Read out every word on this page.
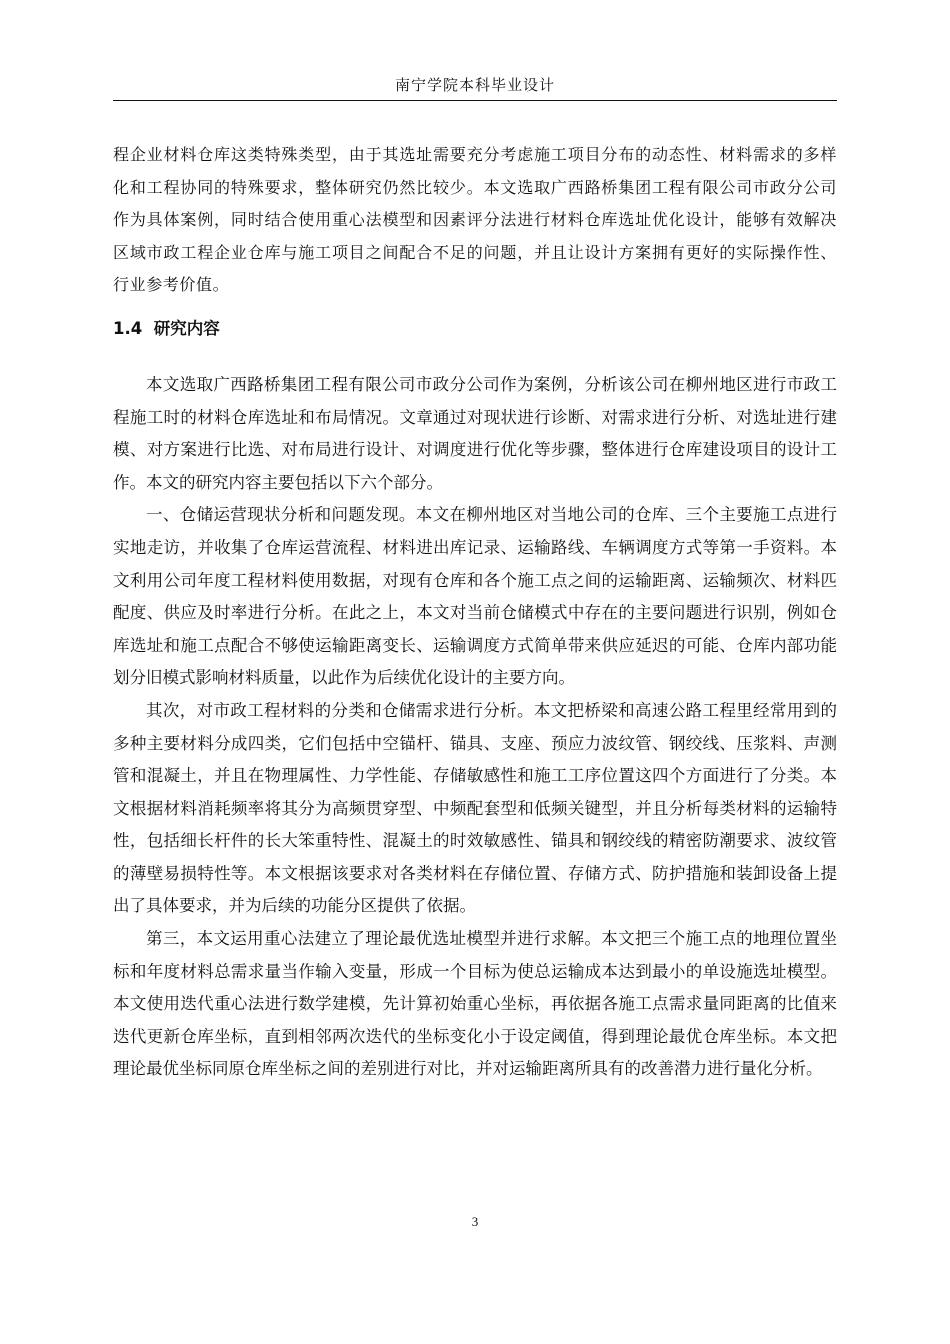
南宁学院本科毕业设计

程企业材料仓库这类特殊类型，由于其选址需要充分考虑施工项目分布的动态性、材料需求的多样化和工程协同的特殊要求，整体研究仍然比较少。本文选取广西路桥集团工程有限公司市政分公司作为具体案例，同时结合使用重心法模型和因素评分法进行材料仓库选址优化设计，能够有效解决区域市政工程企业仓库与施工项目之间配合不足的问题，并且让设计方案拥有更好的实际操作性、行业参考价值。

1.4 研究内容

本文选取广西路桥集团工程有限公司市政分公司作为案例，分析该公司在柳州地区进行市政工程施工时的材料仓库选址和布局情况。文章通过对现状进行诊断、对需求进行分析、对选址进行建模、对方案进行比选、对布局进行设计、对调度进行优化等步骤，整体进行仓库建设项目的设计工作。本文的研究内容主要包括以下六个部分。

一、仓储运营现状分析和问题发现。本文在柳州地区对当地公司的仓库、三个主要施工点进行实地走访，并收集了仓库运营流程、材料进出库记录、运输路线、车辆调度方式等第一手资料。本文利用公司年度工程材料使用数据，对现有仓库和各个施工点之间的运输距离、运输频次、材料匹配度、供应及时率进行分析。在此之上，本文对当前仓储模式中存在的主要问题进行识别，例如仓库选址和施工点配合不够使运输距离变长、运输调度方式简单带来供应延迟的可能、仓库内部功能划分旧模式影响材料质量，以此作为后续优化设计的主要方向。

其次，对市政工程材料的分类和仓储需求进行分析。本文把桥梁和高速公路工程里经常用到的多种主要材料分成四类，它们包括中空锚杆、锚具、支座、预应力波纹管、钢绞线、压浆料、声测管和混凝土，并且在物理属性、力学性能、存储敏感性和施工工序位置这四个方面进行了分类。本文根据材料消耗频率将其分为高频贯穿型、中频配套型和低频关键型，并且分析每类材料的运输特性，包括细长杆件的长大笨重特性、混凝土的时效敏感性、锚具和钢绞线的精密防潮要求、波纹管的薄壁易损特性等。本文根据该要求对各类材料在存储位置、存储方式、防护措施和装卸设备上提出了具体要求，并为后续的功能分区提供了依据。

第三，本文运用重心法建立了理论最优选址模型并进行求解。本文把三个施工点的地理位置坐标和年度材料总需求量当作输入变量，形成一个目标为使总运输成本达到最小的单设施选址模型。本文使用迭代重心法进行数学建模，先计算初始重心坐标，再依据各施工点需求量同距离的比值来迭代更新仓库坐标，直到相邻两次迭代的坐标变化小于设定阈值，得到理论最优仓库坐标。本文把理论最优坐标同原仓库坐标之间的差别进行对比，并对运输距离所具有的改善潜力进行量化分析。

3
